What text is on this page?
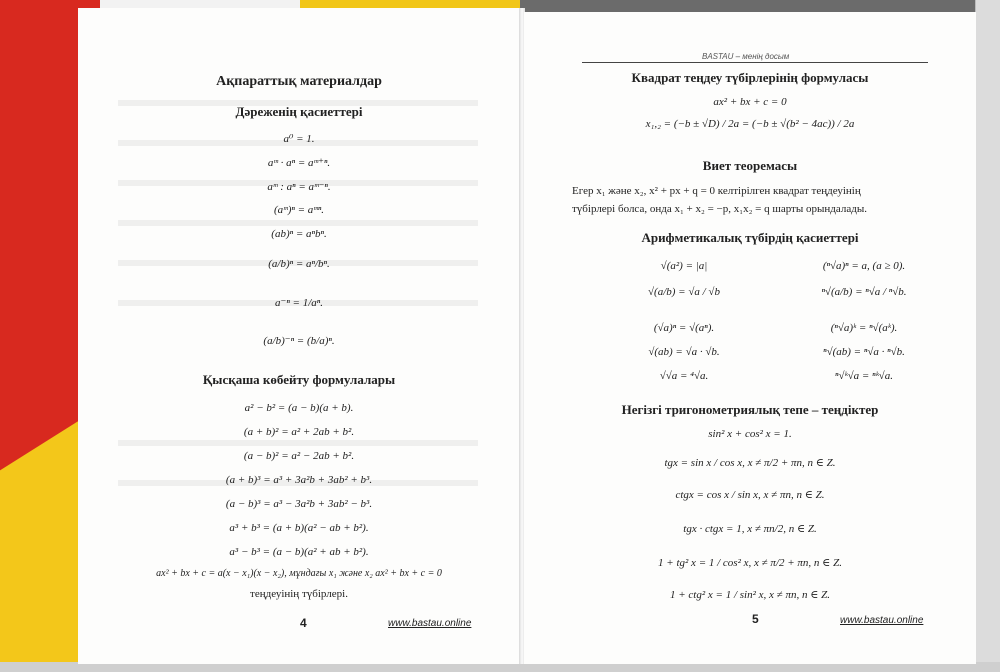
Ақпараттық материалдар
Дәреженің қасиеттері
a⁰ = 1.
aᵐ · aⁿ = aᵐ⁺ⁿ.
aᵐ : aⁿ = aᵐ⁻ⁿ.
(aᵐ)ⁿ = aᵐⁿ.
(ab)ⁿ = aⁿbⁿ.
(a/b)ⁿ = aⁿ/bⁿ.
a⁻ⁿ = 1/aⁿ.
(a/b)⁻ⁿ = (b/a)ⁿ.
Қысқаша көбейту формулалары
a² − b² = (a − b)(a + b).
(a + b)² = a² + 2ab + b².
(a − b)² = a² − 2ab + b².
(a + b)³ = a³ + 3a²b + 3ab² + b³.
(a − b)³ = a³ − 3a²b + 3ab² − b³.
a³ + b³ = (a + b)(a² − ab + b²).
a³ − b³ = (a − b)(a² + ab + b²).
ax² + bx + c = a(x − x₁)(x − x₂), мұндағы x₁ және x₂ ax² + bx + c = 0
теңдеуінің түбірлері.
4	www.bastau.online
BASTAU – менің досым
Квадрат теңдеу түбірлерінің формуласы
ax² + bx + c = 0
x₁,₂ = (−b ± √D) / 2a = (−b ± √(b² − 4ac)) / 2a
Виет теоремасы
Егер x₁ және x₂, x² + px + q = 0 келтірілген квадрат теңдеуінің
түбірлері болса, онда x₁ + x₂ = −p, x₁x₂ = q шарты орындалады.
Арифметикалық түбірдің қасиеттері
√(a²) = |a|
√(a/b) = √a / √b
(√a)ⁿ = √(aⁿ).
√(ab) = √a · √b.
√√a = ⁴√a.
(ⁿ√a)ⁿ = a, (a ≥ 0).
ⁿ√(a/b) = ⁿ√a / ⁿ√b.
(ⁿ√a)ᵏ = ⁿ√(aᵏ).
ⁿ√(ab) = ⁿ√a · ⁿ√b.
ⁿ√ᵏ√a = ⁿᵏ√a.
Негізгі тригонометриялық тепе – теңдіктер
sin² x + cos² x = 1.
tgx = sin x / cos x, x ≠ π/2 + πn, n ∈ Z.
ctgx = cos x / sin x, x ≠ πn, n ∈ Z.
tgx · ctgx = 1, x ≠ πn/2, n ∈ Z.
1 + tg² x = 1 / cos² x, x ≠ π/2 + πn, n ∈ Z.
1 + ctg² x = 1 / sin² x, x ≠ πn, n ∈ Z.
5	www.bastau.online
